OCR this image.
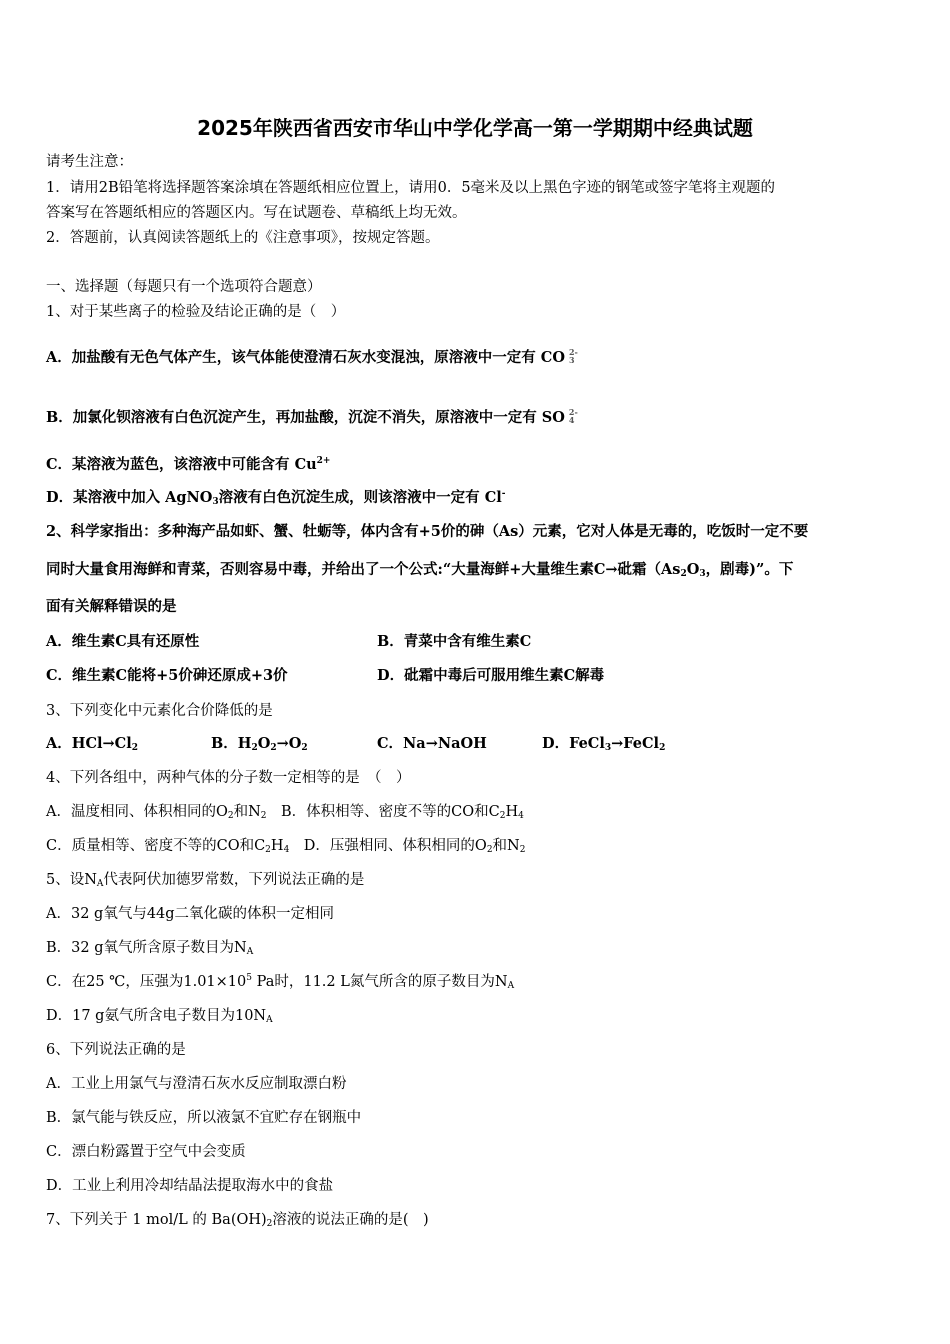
2025年陕西省西安市华山中学化学高一第一学期期中经典试题
请考生注意：
1．请用2B铅笔将选择题答案涂填在答题纸相应位置上，请用0．5毫米及以上黑色字迹的钢笔或签字笔将主观题的
答案写在答题纸相应的答题区内。写在试题卷、草稿纸上均无效。
2．答题前，认真阅读答题纸上的《注意事项》，按规定答题。
一、选择题（每题只有一个选项符合题意）
1、对于某些离子的检验及结论正确的是（　）
A．加盐酸有无色气体产生，该气体能使澄清石灰水变混浊，原溶液中一定有 CO 2-
3
B．加氯化钡溶液有白色沉淀产生，再加盐酸，沉淀不消失，原溶液中一定有 SO 2-
4
C．某溶液为蓝色，该溶液中可能含有 $Cu^{2+}$
D．某溶液中加入 AgNO$_3$溶液有白色沉淀生成，则该溶液中一定有 Cl-
2、科学家指出：多种海产品如虾、蟹、牡蛎等，体内含有+5价的砷（As）元素，它对人体是无毒的，吃饭时一定不要
同时大量食用海鲜和青菜，否则容易中毒，并给出了一个公式:“大量海鲜+大量维生素C→砒霜（$As_2O_3$，剧毒)”。下
面有关解释错误的是
A．维生素C具有还原性	B．青菜中含有维生素C
C．维生素C能将+5价砷还原成+3价	D．砒霜中毒后可服用维生素C解毒
3、下列变化中元素化合价降低的是
A．$HCl\to Cl_2$	B．$H_2O_2\to O_2$	C．Na→NaOH	D．FeCl$_3$→FeCl$_2$
4、下列各组中，两种气体的分子数一定相等的是　（　）
A．温度相同、体积相同的$O_2$和$N_2$　B．体积相等、密度不等的CO和$C_2H_4$
C．质量相等、密度不等的CO和$C_2H_4$　D．压强相同、体积相同的$O_2$和$N_2$
5、设$N_A$代表阿伏加德罗常数，下列说法正确的是
A．32 g氧气与44g二氧化碳的体积一定相同
B．32 g氧气所含原子数目为$N_A$
C．在25 ℃，压强为$1.01\times 10^5$ Pa时，11.2 L氮气所含的原子数目为$N_A$
D．17 g氨气所含电子数目为$10N_A$
6、下列说法正确的是
A．工业上用氯气与澄清石灰水反应制取漂白粉
B．氯气能与铁反应，所以液氯不宜贮存在钢瓶中
C．漂白粉露置于空气中会变质
D．工业上利用冷却结晶法提取海水中的食盐
7、下列关于 1 mol/L 的 $Ba(OH)_2$溶液的说法正确的是(　)
